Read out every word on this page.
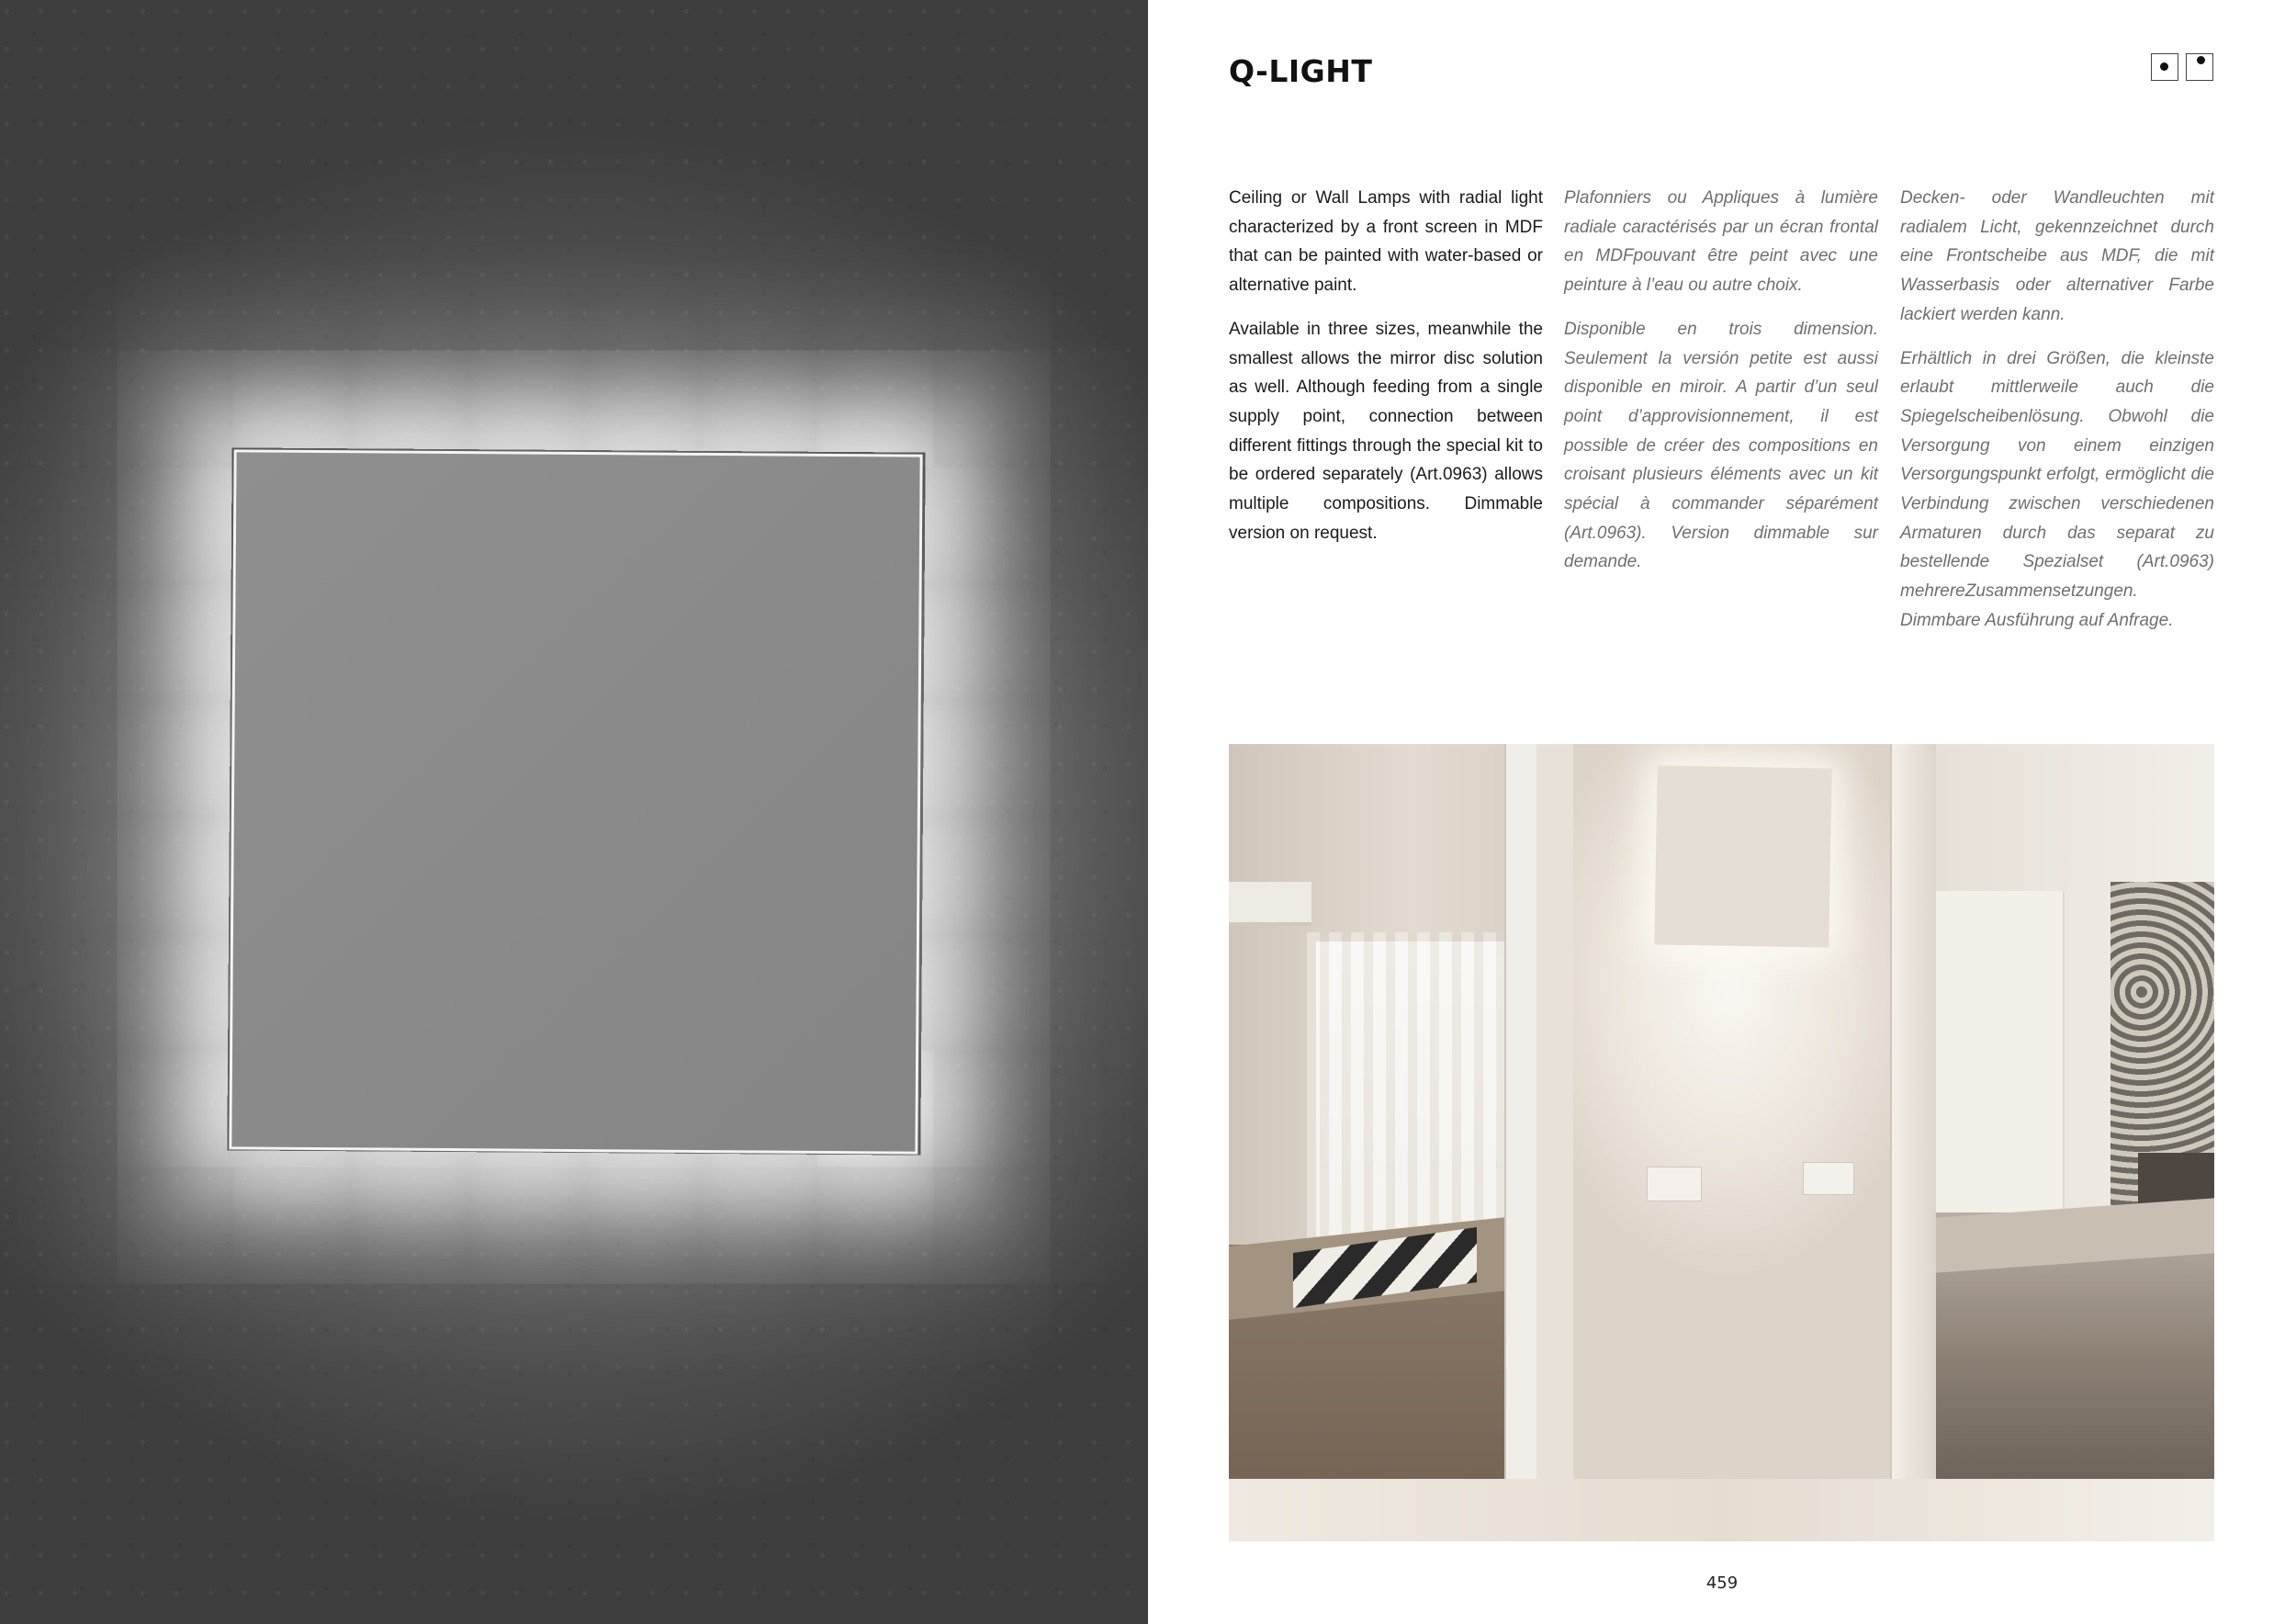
Q-LIGHT

Ceiling or Wall Lamps with radial light characterized by a front screen in MDF that can be painted with water-based or alternative paint.

Available in three sizes, meanwhile the smallest allows the mirror disc solution as well. Although feeding from a single supply point, connection between different fittings through the special kit to be ordered separately (Art.0963) allows multiple compositions. Dimmable version on request.

Plafonniers ou Appliques à lumière radiale caractérisés par un écran frontal en MDFpouvant être peint avec une peinture à l’eau ou autre choix.

Disponible en trois dimension. Seulement la versión petite est aussi disponible en miroir. A partir d’un seul point d’approvisionnement, il est possible de créer des compositions en croisant plusieurs éléments avec un kit spécial à commander séparément (Art.0963). Version dimmable sur demande.

Decken- oder Wandleuchten mit radialem Licht, gekennzeichnet durch eine Frontscheibe aus MDF, die mit Wasserbasis oder alternativer Farbe lackiert werden kann.

Erhältlich in drei Größen, die kleinste erlaubt mittlerweile auch die Spiegelscheibenlösung. Obwohl die Versorgung von einem einzigen Versorgungspunkt erfolgt, ermöglicht die Verbindung zwischen verschiedenen Armaturen durch das separat zu bestellende Spezialset (Art.0963) mehrereZusammensetzungen. Dimmbare Ausführung auf Anfrage.

459
